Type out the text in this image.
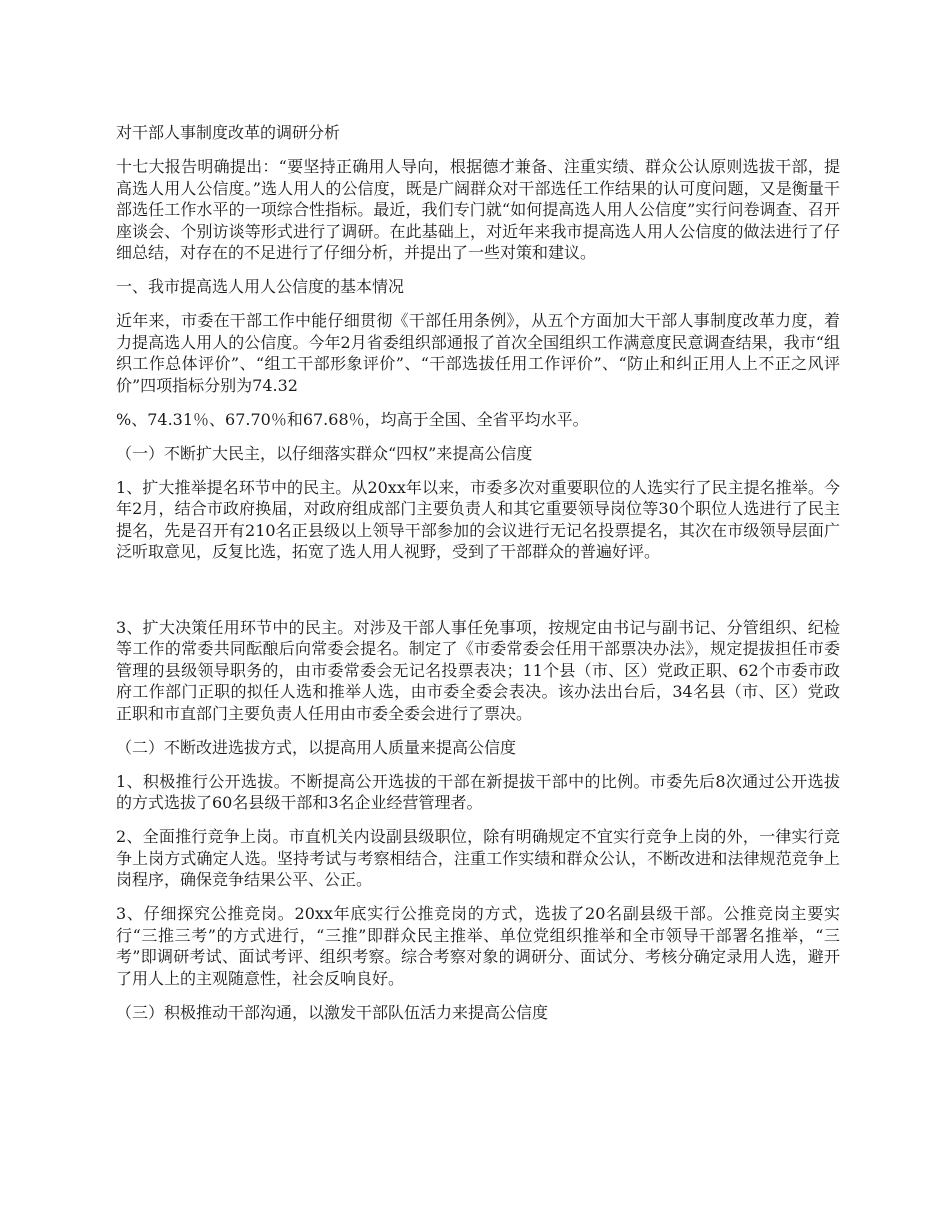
对干部人事制度改革的调研分析

十七大报告明确提出：“要坚持正确用人导向，根据德才兼备、注重实绩、群众公认原则选拔干部，提高选人用人公信度。”选人用人的公信度，既是广阔群众对干部选任工作结果的认可度问题，又是衡量干部选任工作水平的一项综合性指标。最近，我们专门就“如何提高选人用人公信度”实行问卷调查、召开座谈会、个别访谈等形式进行了调研。在此基础上，对近年来我市提高选人用人公信度的做法进行了仔细总结，对存在的不足进行了仔细分析，并提出了一些对策和建议。

一、我市提高选人用人公信度的基本情况

近年来，市委在干部工作中能仔细贯彻《干部任用条例》，从五个方面加大干部人事制度改革力度，着力提高选人用人的公信度。今年2月省委组织部通报了首次全国组织工作满意度民意调查结果，我市“组织工作总体评价”、“组工干部形象评价”、“干部选拔任用工作评价”、“防止和纠正用人上不正之风评价”四项指标分别为74.32

%、74.31％、67.70％和67.68％，均高于全国、全省平均水平。

（一）不断扩大民主，以仔细落实群众“四权”来提高公信度

1、扩大推举提名环节中的民主。从20xx年以来，市委多次对重要职位的人选实行了民主提名推举。今年2月，结合市政府换届，对政府组成部门主要负责人和其它重要领导岗位等30个职位人选进行了民主提名，先是召开有210名正县级以上领导干部参加的会议进行无记名投票提名，其次在市级领导层面广泛听取意见，反复比选，拓宽了选人用人视野，受到了干部群众的普遍好评。

3、扩大决策任用环节中的民主。对涉及干部人事任免事项，按规定由书记与副书记、分管组织、纪检等工作的常委共同酝酿后向常委会提名。制定了《市委常委会任用干部票决办法》，规定提拔担任市委管理的县级领导职务的，由市委常委会无记名投票表决；11个县（市、区）党政正职、62个市委市政府工作部门正职的拟任人选和推举人选，由市委全委会表决。该办法出台后，34名县（市、区）党政正职和市直部门主要负责人任用由市委全委会进行了票决。

（二）不断改进选拔方式，以提高用人质量来提高公信度

1、积极推行公开选拔。不断提高公开选拔的干部在新提拔干部中的比例。市委先后8次通过公开选拔的方式选拔了60名县级干部和3名企业经营管理者。

2、全面推行竞争上岗。市直机关内设副县级职位，除有明确规定不宜实行竞争上岗的外，一律实行竞争上岗方式确定人选。坚持考试与考察相结合，注重工作实绩和群众公认，不断改进和法律规范竞争上岗程序，确保竞争结果公平、公正。

3、仔细探究公推竞岗。20xx年底实行公推竞岗的方式，选拔了20名副县级干部。公推竞岗主要实行“三推三考”的方式进行，“三推”即群众民主推举、单位党组织推举和全市领导干部署名推举，“三考”即调研考试、面试考评、组织考察。综合考察对象的调研分、面试分、考核分确定录用人选，避开了用人上的主观随意性，社会反响良好。

（三）积极推动干部沟通，以激发干部队伍活力来提高公信度
